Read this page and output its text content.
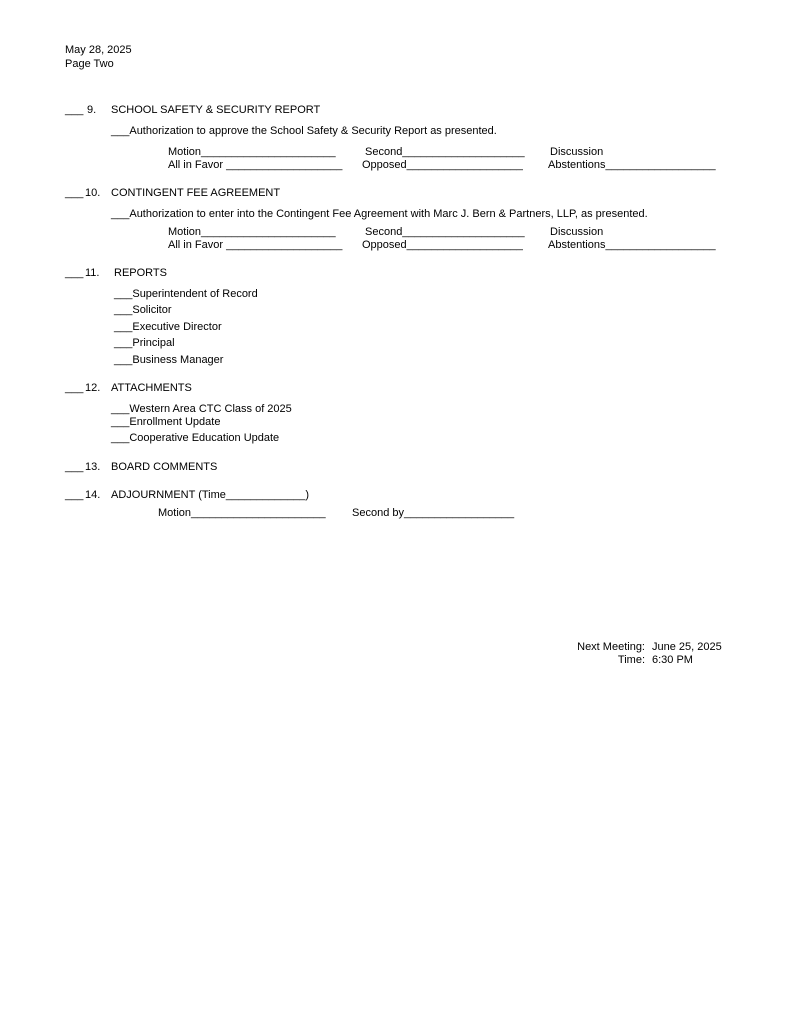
May 28, 2025
Page Two
___ 9. SCHOOL SAFETY & SECURITY REPORT
___Authorization to approve the School Safety & Security Report as presented.
Motion______________________	Second____________________ Discussion
All in Favor ___________________ Opposed___________________ Abstentions__________________
___ 10. CONTINGENT FEE AGREEMENT
___Authorization to enter into the Contingent Fee Agreement with Marc J. Bern & Partners, LLP, as presented.
Motion______________________	Second____________________ Discussion
All in Favor ___________________ Opposed___________________ Abstentions__________________
___ 11. REPORTS
___Superintendent of Record
___Solicitor
___Executive Director
___Principal
___Business Manager
___ 12. ATTACHMENTS
___Western Area CTC Class of 2025
___Enrollment Update
___Cooperative Education Update
___ 13. BOARD COMMENTS
___ 14. ADJOURNMENT (Time_____________)
Motion______________________ Second by__________________
Next Meeting: June 25, 2025
Time: 6:30 PM
